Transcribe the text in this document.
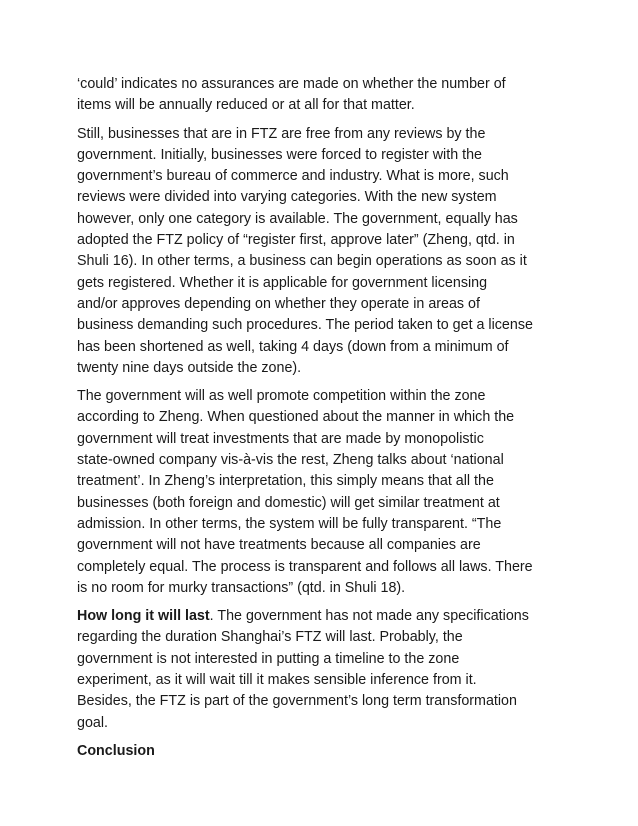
‘could’ indicates no assurances are made on whether the number of
items will be annually reduced or at all for that matter.

Still, businesses that are in FTZ are free from any reviews by the
government. Initially, businesses were forced to register with the
government’s bureau of commerce and industry. What is more, such
reviews were divided into varying categories. With the new system
however, only one category is available. The government, equally has
adopted the FTZ policy of “register first, approve later” (Zheng, qtd. in
Shuli 16). In other terms, a business can begin operations as soon as it
gets registered. Whether it is applicable for government licensing
and/or approves depending on whether they operate in areas of
business demanding such procedures. The period taken to get a license
has been shortened as well, taking 4 days (down from a minimum of
twenty nine days outside the zone).

The government will as well promote competition within the zone
according to Zheng. When questioned about the manner in which the
government will treat investments that are made by monopolistic
state-owned company vis-à-vis the rest, Zheng talks about ‘national
treatment’. In Zheng’s interpretation, this simply means that all the
businesses (both foreign and domestic) will get similar treatment at
admission. In other terms, the system will be fully transparent. “The
government will not have treatments because all companies are
completely equal. The process is transparent and follows all laws. There
is no room for murky transactions” (qtd. in Shuli 18).

How long it will last. The government has not made any specifications
regarding the duration Shanghai’s FTZ will last. Probably, the
government is not interested in putting a timeline to the zone
experiment, as it will wait till it makes sensible inference from it.
Besides, the FTZ is part of the government’s long term transformation
goal.

Conclusion
